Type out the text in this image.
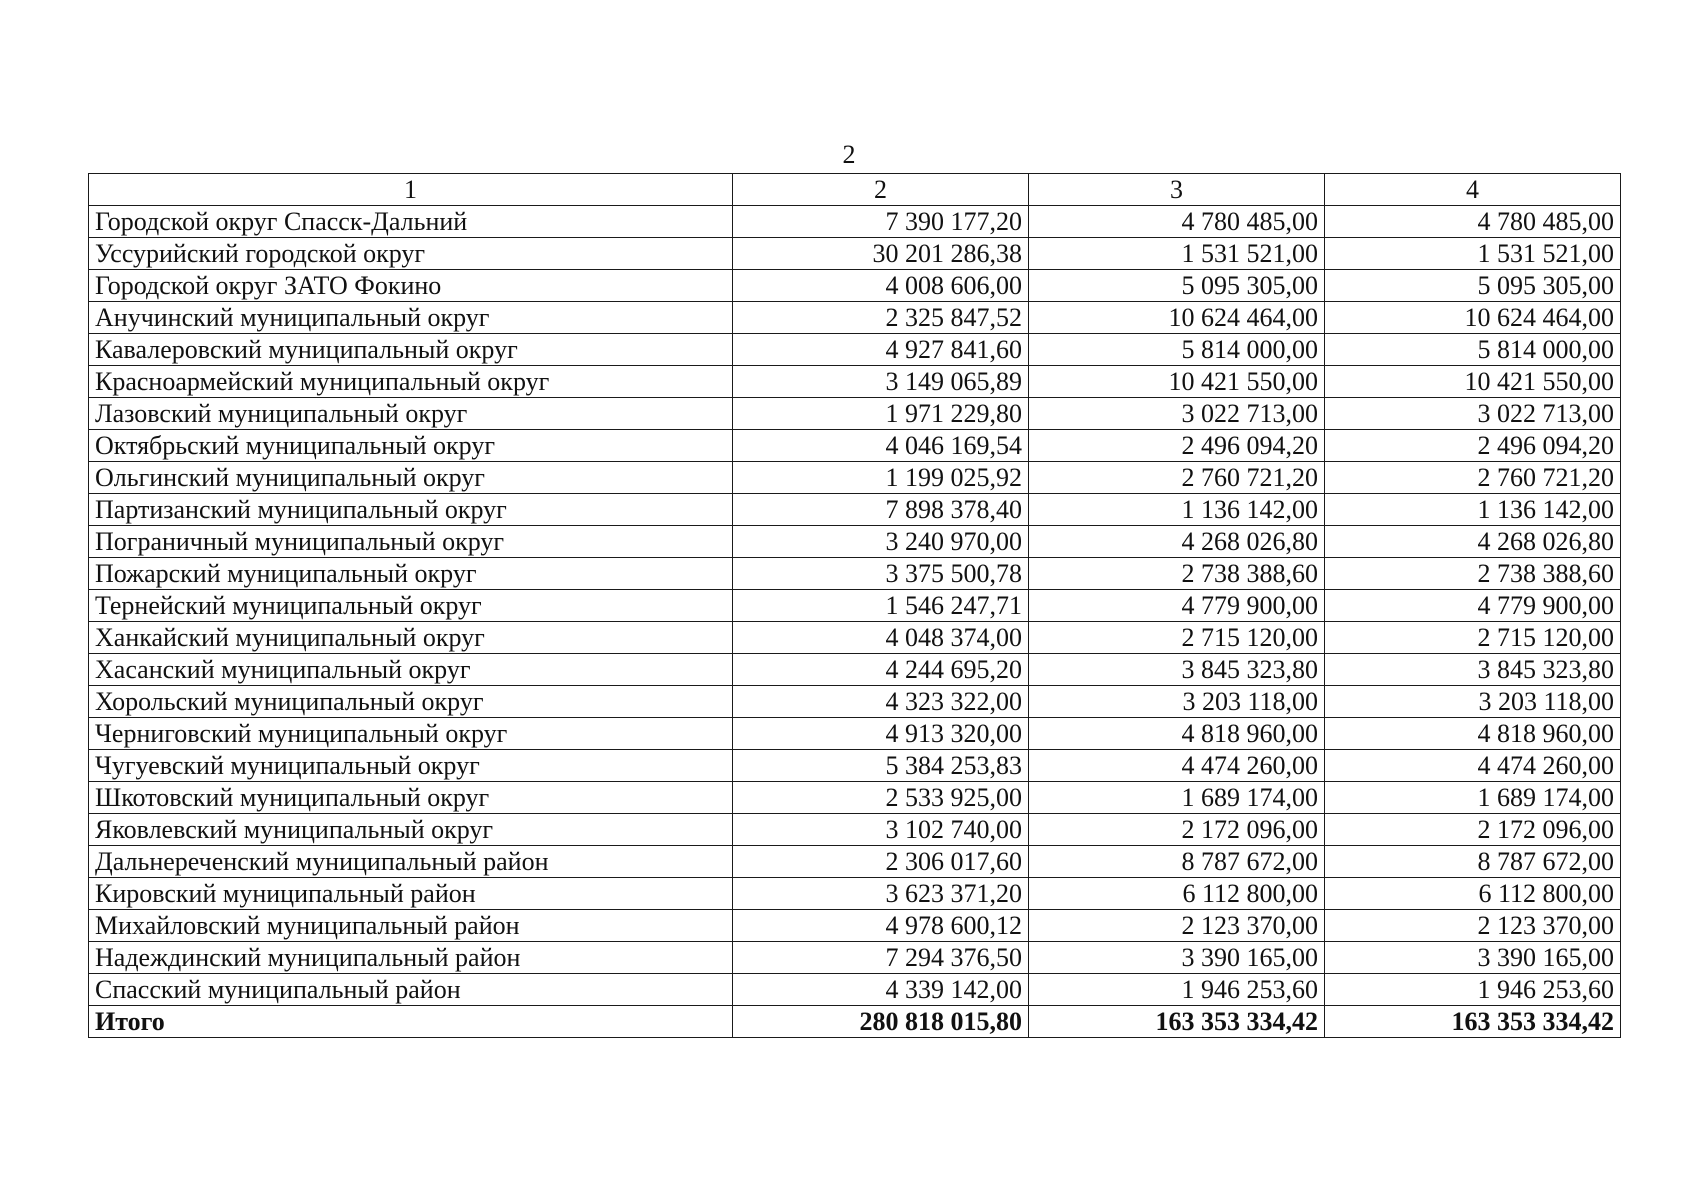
2
1	2	3	4
Городской округ Спасск-Дальний	7 390 177,20	4 780 485,00	4 780 485,00
Уссурийский городской округ	30 201 286,38	1 531 521,00	1 531 521,00
Городской округ ЗАТО Фокино	4 008 606,00	5 095 305,00	5 095 305,00
Анучинский муниципальный округ	2 325 847,52	10 624 464,00	10 624 464,00
Кавалеровский муниципальный округ	4 927 841,60	5 814 000,00	5 814 000,00
Красноармейский муниципальный округ	3 149 065,89	10 421 550,00	10 421 550,00
Лазовский муниципальный округ	1 971 229,80	3 022 713,00	3 022 713,00
Октябрьский муниципальный округ	4 046 169,54	2 496 094,20	2 496 094,20
Ольгинский муниципальный округ	1 199 025,92	2 760 721,20	2 760 721,20
Партизанский муниципальный округ	7 898 378,40	1 136 142,00	1 136 142,00
Пограничный муниципальный округ	3 240 970,00	4 268 026,80	4 268 026,80
Пожарский муниципальный округ	3 375 500,78	2 738 388,60	2 738 388,60
Тернейский муниципальный округ	1 546 247,71	4 779 900,00	4 779 900,00
Ханкайский муниципальный округ	4 048 374,00	2 715 120,00	2 715 120,00
Хасанский муниципальный округ	4 244 695,20	3 845 323,80	3 845 323,80
Хорольский муниципальный округ	4 323 322,00	3 203 118,00	3 203 118,00
Черниговский муниципальный округ	4 913 320,00	4 818 960,00	4 818 960,00
Чугуевский муниципальный округ	5 384 253,83	4 474 260,00	4 474 260,00
Шкотовский муниципальный округ	2 533 925,00	1 689 174,00	1 689 174,00
Яковлевский муниципальный округ	3 102 740,00	2 172 096,00	2 172 096,00
Дальнереченский муниципальный район	2 306 017,60	8 787 672,00	8 787 672,00
Кировский муниципальный район	3 623 371,20	6 112 800,00	6 112 800,00
Михайловский муниципальный район	4 978 600,12	2 123 370,00	2 123 370,00
Надеждинский муниципальный район	7 294 376,50	3 390 165,00	3 390 165,00
Спасский муниципальный район	4 339 142,00	1 946 253,60	1 946 253,60
Итого	280 818 015,80	163 353 334,42	163 353 334,42
